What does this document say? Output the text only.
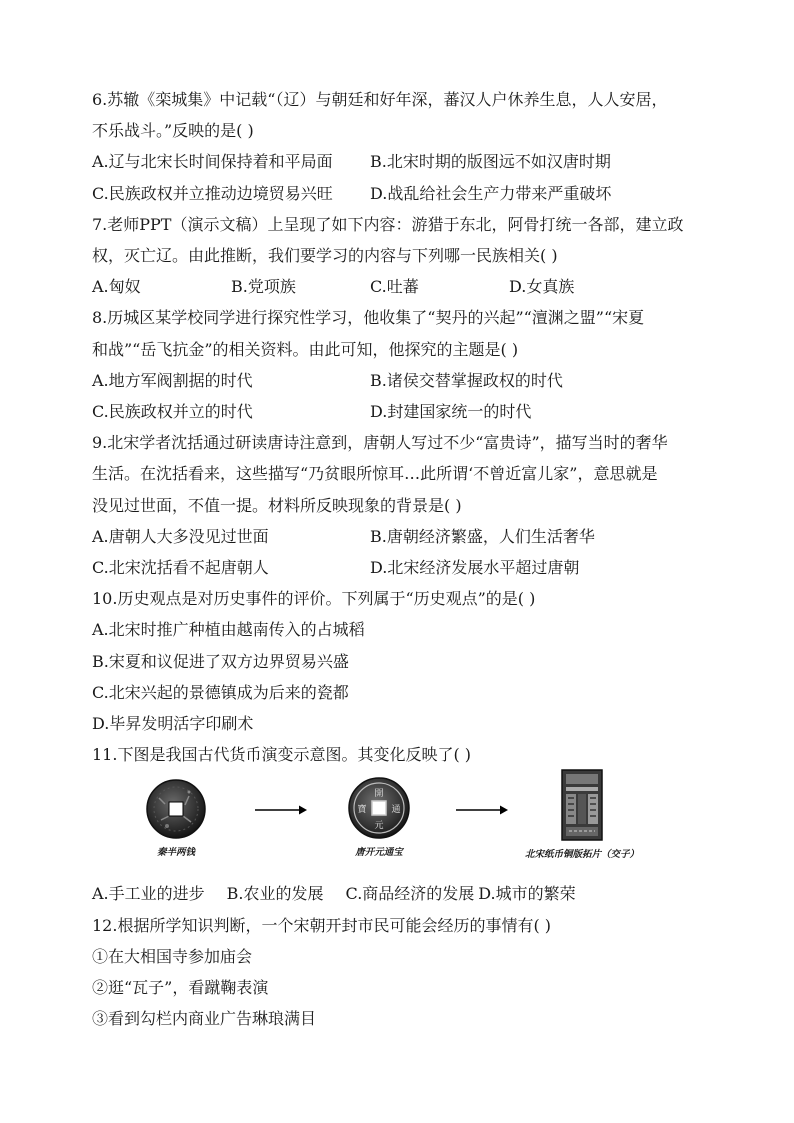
6.苏辙《栾城集》中记载“（辽）与朝廷和好年深，蕃汉人户休养生息，人人安居，
不乐战斗。”反映的是( )
A.辽与北宋长时间保持着和平局面	B.北宋时期的版图远不如汉唐时期
C.民族政权并立推动边境贸易兴旺	D.战乱给社会生产力带来严重破坏
7.老师PPT（演示文稿）上呈现了如下内容：游猎于东北，阿骨打统一各部，建立政
权，灭亡辽。由此推断，我们要学习的内容与下列哪一民族相关( )
A.匈奴	B.党项族	C.吐蕃	D.女真族
8.历城区某学校同学进行探究性学习，他收集了“契丹的兴起”“澶渊之盟”“宋夏
和战”“岳飞抗金”的相关资料。由此可知，他探究的主题是( )
A.地方军阀割据的时代	B.诸侯交替掌握政权的时代
C.民族政权并立的时代	D.封建国家统一的时代
9.北宋学者沈括通过研读唐诗注意到，唐朝人写过不少“富贵诗”，描写当时的奢华
生活。在沈括看来，这些描写“乃贫眼所惊耳…此所谓‘不曾近富儿家”，意思就是
没见过世面，不值一提。材料所反映现象的背景是( )
A.唐朝人大多没见过世面	B.唐朝经济繁盛，人们生活奢华
C.北宋沈括看不起唐朝人	D.北宋经济发展水平超过唐朝
10.历史观点是对历史事件的评价。下列属于“历史观点”的是( )
A.北宋时推广种植由越南传入的占城稻
B.宋夏和议促进了双方边界贸易兴盛
C.北宋兴起的景德镇成为后来的瓷都
D.毕昇发明活字印刷术
11.下图是我国古代货币演变示意图。其变化反映了( )
秦半两钱
開
元
通
寶
唐开元通宝	北宋纸币铜版拓片（交子）
A.手工业的进步 B.农业的发展 C.商品经济的发展 D.城市的繁荣
12.根据所学知识判断，一个宋朝开封市民可能会经历的事情有( )
①在大相国寺参加庙会
②逛“瓦子”，看蹴鞠表演
③看到勾栏内商业广告琳琅满目
